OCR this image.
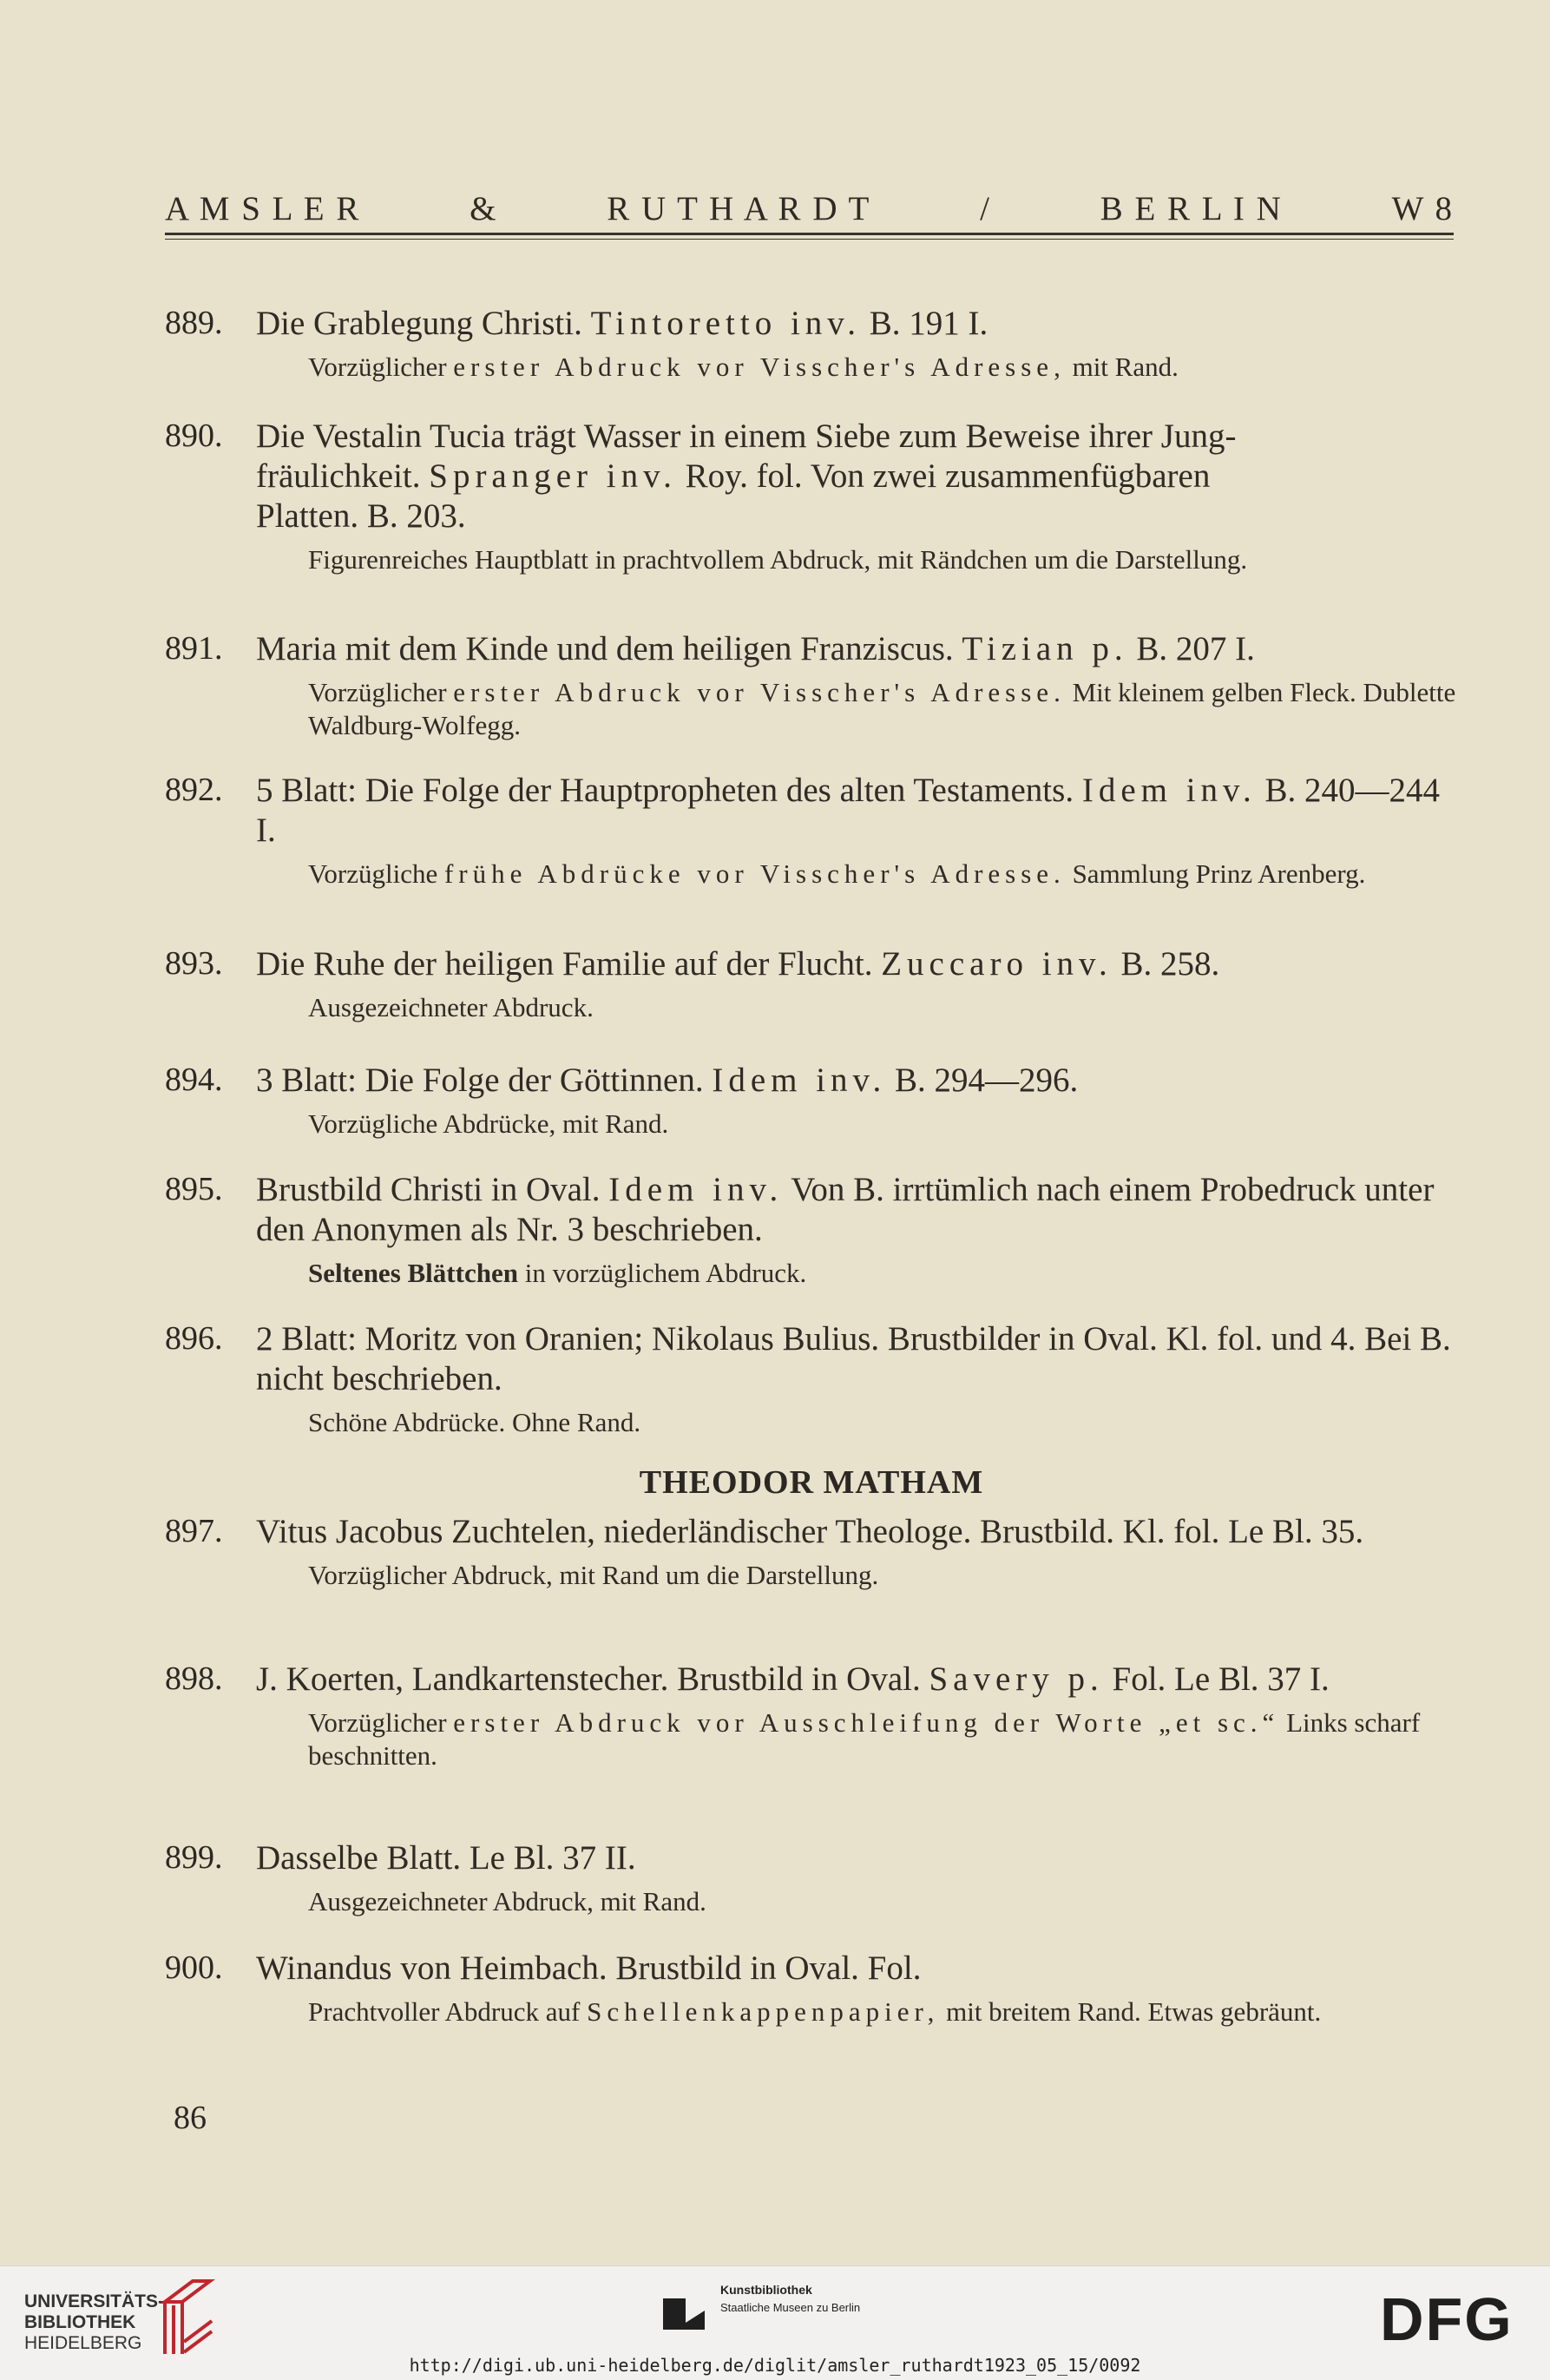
A M S L E R	&	R U T H A R D T	/	B E R L I N	W 8
889. Die Grablegung Christi. Tintoretto inv. B. 191 I.
Vorzüglicher erster Abdruck vor Visscher's Adresse, mit Rand.
890. Die Vestalin Tucia trägt Wasser in einem Siebe zum Beweise ihrer Jung-
fräulichkeit. Spranger inv. Roy. fol. Von zwei zusammenfügbaren
Platten. B. 203.
Figurenreiches Hauptblatt in prachtvollem Abdruck, mit Rändchen um die Darstellung.
891. Maria mit dem Kinde und dem heiligen Franziscus. Tizian p. B. 207 I.
Vorzüglicher erster Abdruck vor Visscher's Adresse. Mit kleinem gelben Fleck. Dublette Waldburg-Wolfegg.
892. 5 Blatt: Die Folge der Hauptpropheten des alten Testaments. Idem inv. B. 240—244 I.
Vorzügliche frühe Abdrücke vor Visscher's Adresse. Sammlung Prinz Arenberg.
893. Die Ruhe der heiligen Familie auf der Flucht. Zuccaro inv. B. 258.
Ausgezeichneter Abdruck.
894. 3 Blatt: Die Folge der Göttinnen. Idem inv. B. 294—296.
Vorzügliche Abdrücke, mit Rand.
895. Brustbild Christi in Oval. Idem inv. Von B. irrtümlich nach einem Probedruck unter den Anonymen als Nr. 3 beschrieben.
Seltenes Blättchen in vorzüglichem Abdruck.
896. 2 Blatt: Moritz von Oranien; Nikolaus Bulius. Brustbilder in Oval. Kl. fol. und 4. Bei B. nicht beschrieben.
Schöne Abdrücke. Ohne Rand.
THEODOR MATHAM
897. Vitus Jacobus Zuchtelen, niederländischer Theologe. Brustbild. Kl. fol. Le Bl. 35.
Vorzüglicher Abdruck, mit Rand um die Darstellung.
898. J. Koerten, Landkartenstecher. Brustbild in Oval. Savery p. Fol. Le Bl. 37 I.
Vorzüglicher erster Abdruck vor Ausschleifung der Worte „et sc.“ Links scharf beschnitten.
899. Dasselbe Blatt. Le Bl. 37 II.
Ausgezeichneter Abdruck, mit Rand.
900. Winandus von Heimbach. Brustbild in Oval. Fol.
Prachtvoller Abdruck auf Schellenkappenpapier, mit breitem Rand. Etwas gebräunt.
86
UNIVERSITÄTS-
BIBLIOTHEK
HEIDELBERG
Kunstbibliothek
Staatliche Museen zu Berlin	DFG
http://digi.ub.uni-heidelberg.de/diglit/amsler_ruthardt1923_05_15/0092
